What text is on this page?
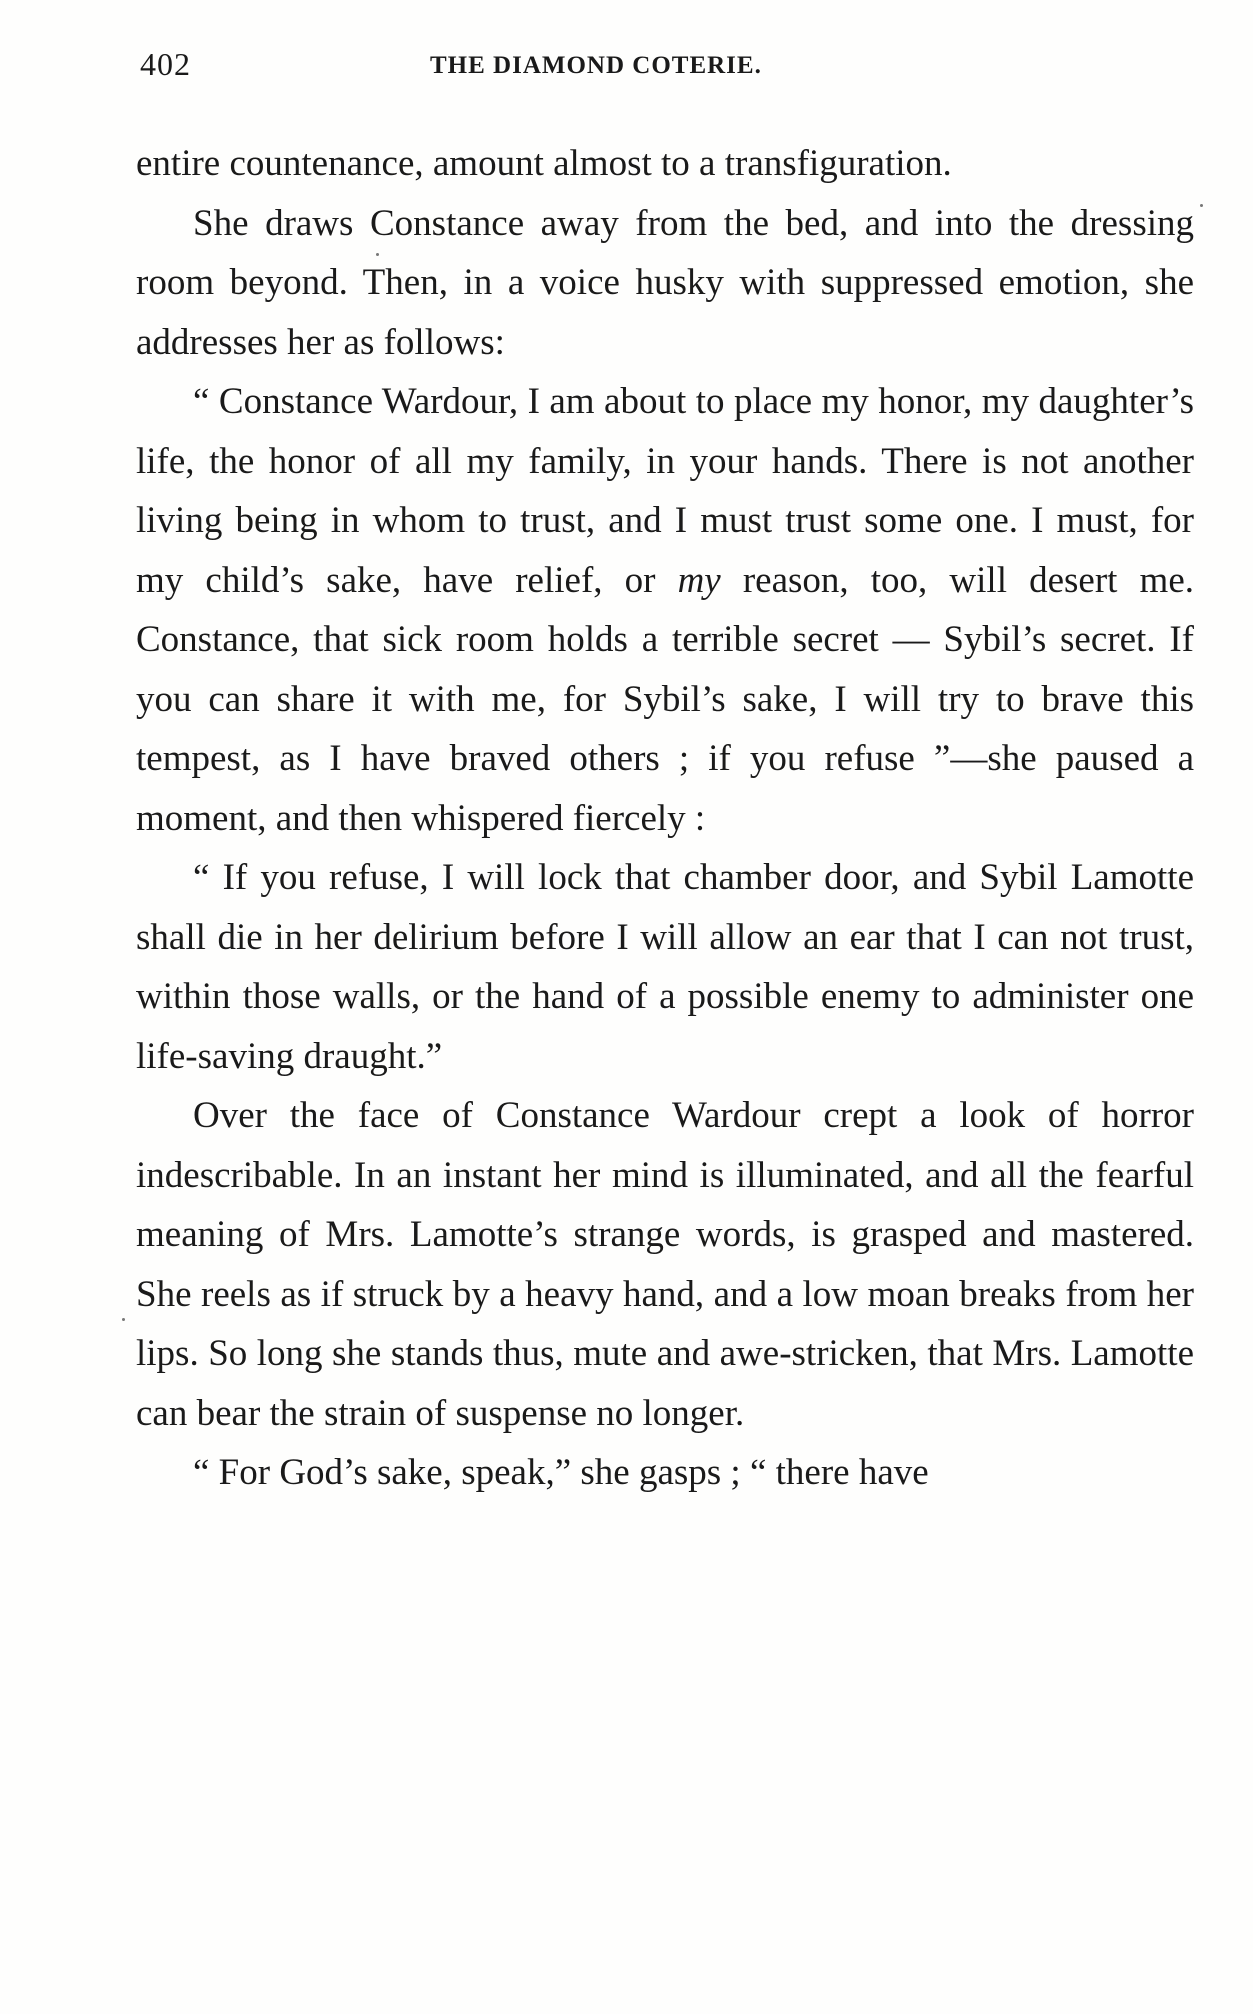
402	THE DIAMOND COTERIE.

entire countenance, amount almost to a transfiguration.

She draws Constance away from the bed, and into the dressing room beyond. Then, in a voice husky with suppressed emotion, she addresses her as follows:

“ Constance Wardour, I am about to place my honor, my daughter’s life, the honor of all my family, in your hands. There is not another living being in whom to trust, and I must trust some one. I must, for my child’s sake, have relief, or my reason, too, will desert me. Constance, that sick room holds a terrible secret — Sybil’s secret. If you can share it with me, for Sybil’s sake, I will try to brave this tempest, as I have braved others ; if you refuse ”—she paused a moment, and then whispered fiercely :

“ If you refuse, I will lock that chamber door, and Sybil Lamotte shall die in her delirium before I will allow an ear that I can not trust, within those walls, or the hand of a possible enemy to administer one life-saving draught.”

Over the face of Constance Wardour crept a look of horror indescribable. In an instant her mind is illuminated, and all the fearful meaning of Mrs. Lamotte’s strange words, is grasped and mastered. She reels as if struck by a heavy hand, and a low moan breaks from her lips. So long she stands thus, mute and awe-stricken, that Mrs. Lamotte can bear the strain of suspense no longer.

“ For God’s sake, speak,” she gasps ; “ there have
